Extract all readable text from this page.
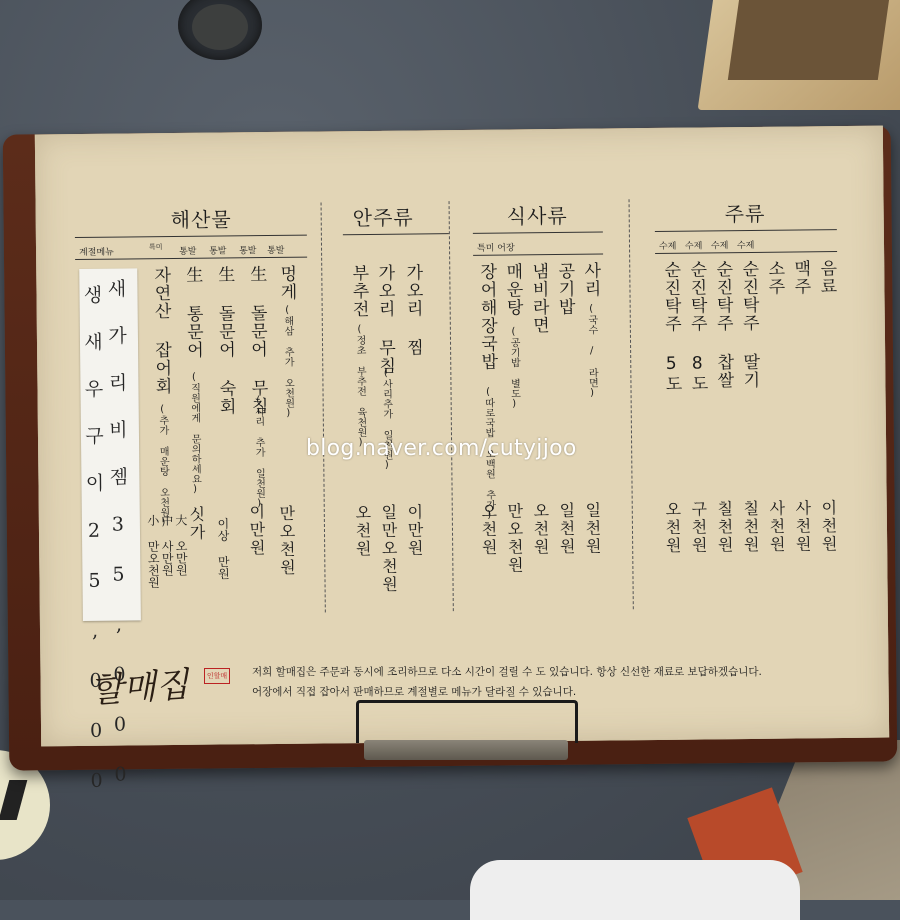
해산물
계절메뉴
특미 통발 통발 통발 통발
자연산 잡어회
(추가 매운탕 오천원)
生 통문어
(직원에게 문의하세요)
生 돌문어 숙회 生 돌문어 무침
(사리 추가 일천원)
멍게
(해삼 추가 오천원)
小 만오천원 中 사만원 大 오만원
싯가 이상 만원 이만원 만오천원
새 가 리 비 젬 3 5 , 0 0 0
생 새 우 구 이 2 5 , 0 0 0
안주류
부추전
(정초 부추전 육천원)
가오리 무침
(사리추가 일천원)
가오리 찜
오천원 일만오천원 이만원
식사류
특미 어장
장어해장국밥
(따로국밥 오백원 추가)
매운탕
(공기밥 별도)
냄비라면 공기밥 사리
(국수 / 라면)
오천원 만오천원 오천원 일천원 일천원
주류
수제 수제 수제 수제
순진탁주 5도 순진탁주 8도 순진탁주 찹쌀 순진탁주 딸기 소주 맥주 음료
오천원 구천원 칠천원 칠천원 사천원 사천원 이천원
할매집	인할매 저희 할매집은 주문과 동시에 조리하므로 다소 시간이 걸릴 수 도 있습니다. 항상 신선한 재료로 보답하겠습니다.
어장에서 직접 잡아서 판매하므로 계절별로 메뉴가 달라질 수 있습니다.
blog.naver.com/cutyjjoo
